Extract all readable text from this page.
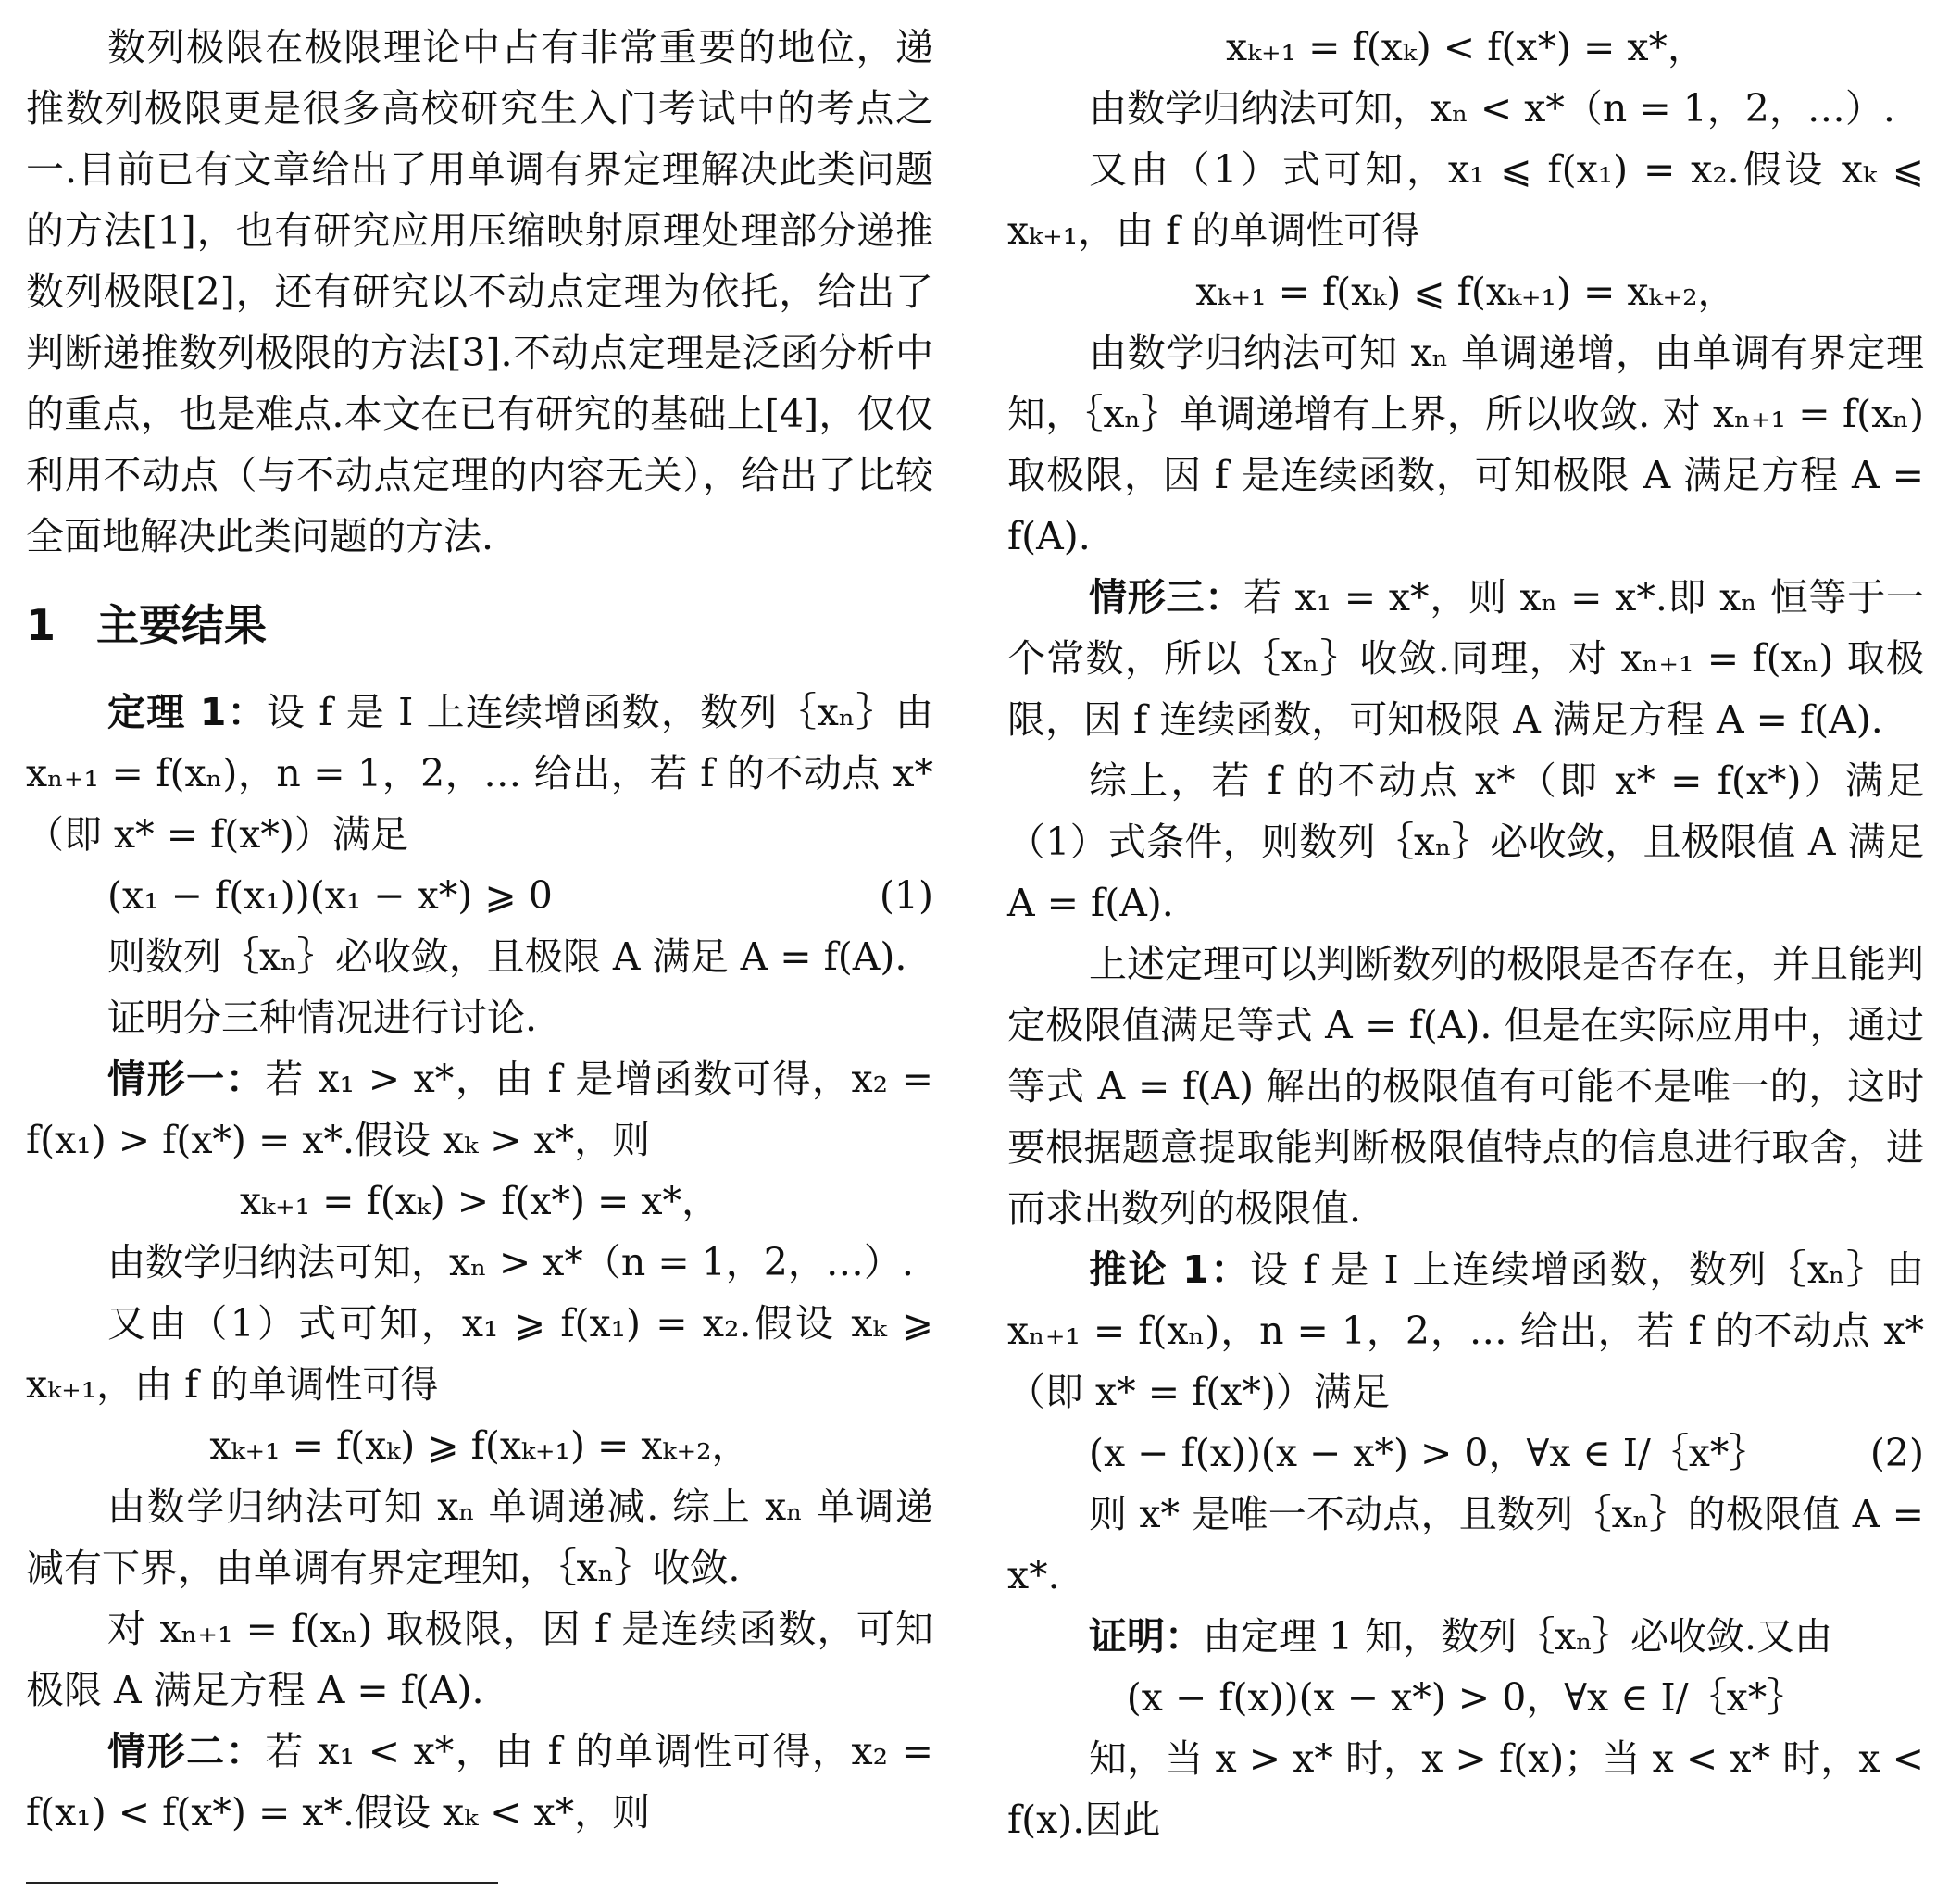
数列极限在极限理论中占有非常重要的地位，递推数列极限更是很多高校研究生入门考试中的考点之一.目前已有文章给出了用单调有界定理解决此类问题的方法[1]，也有研究应用压缩映射原理处理部分递推数列极限[2]，还有研究以不动点定理为依托，给出了判断递推数列极限的方法[3].不动点定理是泛函分析中的重点，也是难点.本文在已有研究的基础上[4]，仅仅利用不动点（与不动点定理的内容无关），给出了比较全面地解决此类问题的方法.

1 主要结果

定理 1：设 f 是 I 上连续增函数，数列｛xₙ｝由 xₙ₊₁ = f(xₙ)，n = 1，2，… 给出，若 f 的不动点 x*（即 x* = f(x*)）满足

(x₁ − f(x₁))(x₁ − x*) ⩾ 0	(1)

则数列｛xₙ｝必收敛，且极限 A 满足 A = f(A).

证明分三种情况进行讨论.

情形一：若 x₁ > x*，由 f 是增函数可得，x₂ = f(x₁) > f(x*) = x*.假设 xₖ > x*，则

xₖ₊₁ = f(xₖ) > f(x*) = x*，

由数学归纳法可知，xₙ > x*（n = 1，2，…）.

又由（1）式可知，x₁ ⩾ f(x₁) = x₂.假设 xₖ ⩾ xₖ₊₁，由 f 的单调性可得

xₖ₊₁ = f(xₖ) ⩾ f(xₖ₊₁) = xₖ₊₂，

由数学归纳法可知 xₙ 单调递减. 综上 xₙ 单调递减有下界，由单调有界定理知，｛xₙ｝收敛.

对 xₙ₊₁ = f(xₙ) 取极限，因 f 是连续函数，可知极限 A 满足方程 A = f(A).

情形二：若 x₁ < x*，由 f 的单调性可得，x₂ = f(x₁) < f(x*) = x*.假设 xₖ < x*，则

xₖ₊₁ = f(xₖ) < f(x*) = x*，

由数学归纳法可知，xₙ < x*（n = 1，2，…）.

又由（1）式可知，x₁ ⩽ f(x₁) = x₂.假设 xₖ ⩽ xₖ₊₁，由 f 的单调性可得

xₖ₊₁ = f(xₖ) ⩽ f(xₖ₊₁) = xₖ₊₂，

由数学归纳法可知 xₙ 单调递增，由单调有界定理知，｛xₙ｝单调递增有上界，所以收敛. 对 xₙ₊₁ = f(xₙ) 取极限，因 f 是连续函数，可知极限 A 满足方程 A = f(A).

情形三：若 x₁ = x*，则 xₙ = x*.即 xₙ 恒等于一个常数，所以｛xₙ｝收敛.同理，对 xₙ₊₁ = f(xₙ) 取极限，因 f 连续函数，可知极限 A 满足方程 A = f(A).

综上，若 f 的不动点 x*（即 x* = f(x*)）满足（1）式条件，则数列｛xₙ｝必收敛，且极限值 A 满足 A = f(A).

上述定理可以判断数列的极限是否存在，并且能判定极限值满足等式 A = f(A). 但是在实际应用中，通过等式 A = f(A) 解出的极限值有可能不是唯一的，这时要根据题意提取能判断极限值特点的信息进行取舍，进而求出数列的极限值.

推论 1：设 f 是 I 上连续增函数，数列｛xₙ｝由 xₙ₊₁ = f(xₙ)，n = 1，2，… 给出，若 f 的不动点 x*（即 x* = f(x*)）满足

(x − f(x))(x − x*) > 0，∀x ∈ I/｛x*｝	(2)

则 x* 是唯一不动点，且数列｛xₙ｝的极限值 A = x*.

证明：由定理 1 知，数列｛xₙ｝必收敛.又由

(x − f(x))(x − x*) > 0，∀x ∈ I/｛x*｝

知，当 x > x* 时，x > f(x)；当 x < x* 时，x < f(x).因此
